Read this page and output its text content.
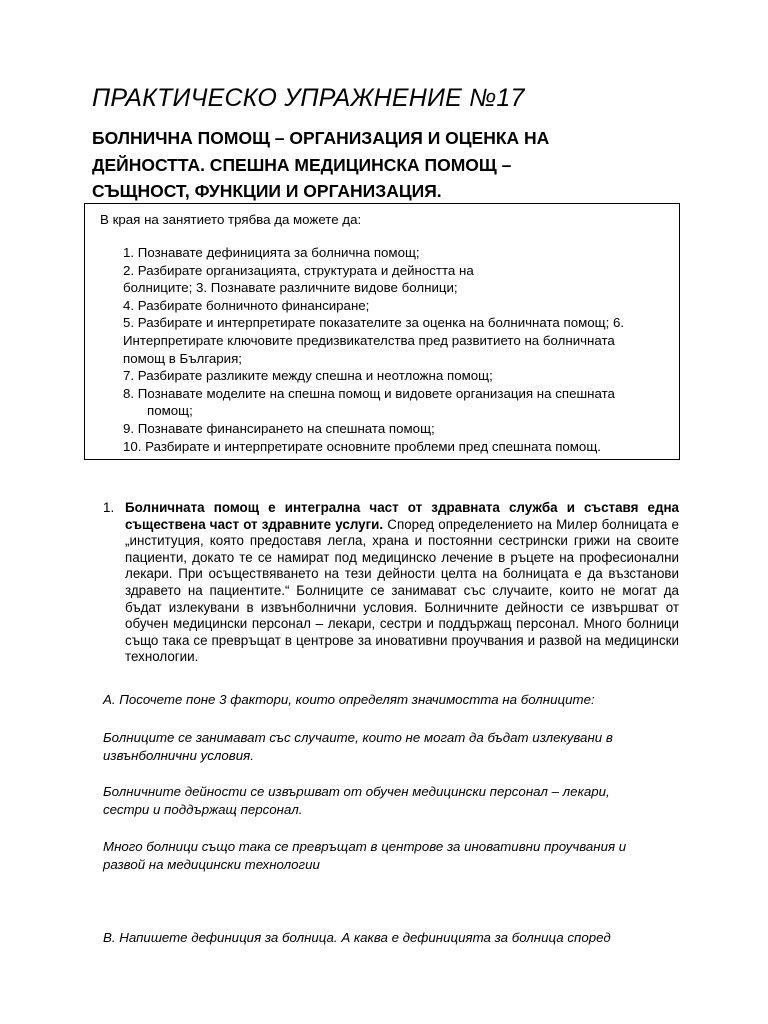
ПРАКТИЧЕСКО УПРАЖНЕНИЕ №17
БОЛНИЧНА ПОМОЩ – ОРГАНИЗАЦИЯ И ОЦЕНКА НА
ДЕЙНОСТТА. СПЕШНА МЕДИЦИНСКА ПОМОЩ –
СЪЩНОСТ, ФУНКЦИИ И ОРГАНИЗАЦИЯ.
В края на занятието трябва да можете да:
1. Познавате дефиницията за болнична помощ;
2. Разбирате организацията, структурата и дейността на
болниците; 3. Познавате различните видове болници;
4. Разбирате болничното финансиране;
5. Разбирате и интерпретирате показателите за оценка на болничната помощ; 6.
Интерпретирате ключовите предизвикателства пред развитието на болничната
помощ в България;
7. Разбирате разликите между спешна и неотложна помощ;
8. Познавате моделите на спешна помощ и видовете организация на спешната
помощ;
9. Познавате финансирането на спешната помощ;
10. Разбирате и интерпретирате основните проблеми пред спешната помощ.
1. Болничната помощ е интегрална част от здравната служба и съставя една съществена част от здравните услуги. Според определението на Милер болницата е „институция, която предоставя легла, храна и постоянни сестрински грижи на своите пациенти, докато те се намират под медицинско лечение в ръцете на професионални лекари. При осъществяването на тези дейности целта на болницата е да възстанови здравето на пациентите.“ Болниците се занимават със случаите, които не могат да бъдат излекувани в извънболнични условия. Болничните дейности се извършват от обучен медицински персонал – лекари, сестри и поддържащ персонал. Много болници също така се превръщат в центрове за иновативни проучвания и развой на медицински технологии.
А. Посочете поне 3 фактори, които определят значимостта на болниците:
Болниците се занимават със случаите, които не могат да бъдат излекувани в
извънболнични условия.
Болничните дейности се извършват от обучен медицински персонал – лекари,
сестри и поддържащ персонал.
Много болници също така се превръщат в центрове за иновативни проучвания и
развой на медицински технологии
B. Напишете дефиниция за болница. А каква е дефиницията за болница според
